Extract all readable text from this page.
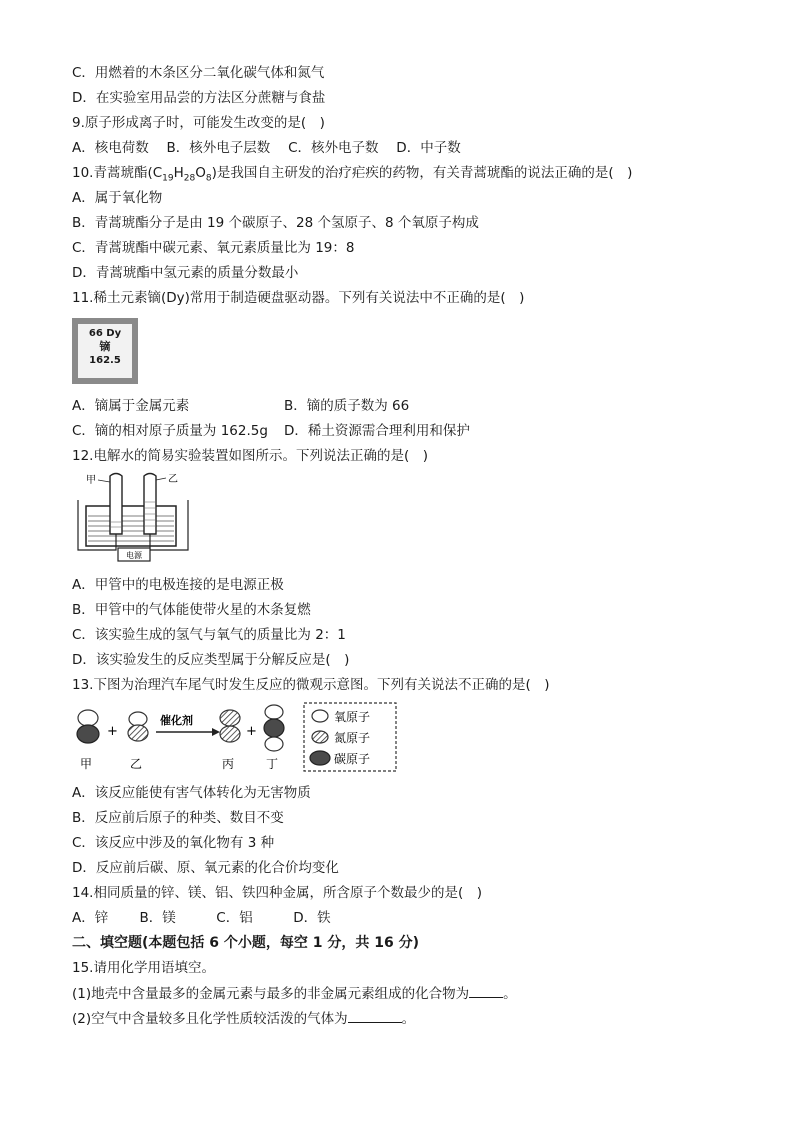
C．用燃着的木条区分二氧化碳气体和氮气
D．在实验室用品尝的方法区分蔗糖与食盐
9.原子形成离子时，可能发生改变的是(　)
A．核电荷数　 B．核外电子层数　 C．核外电子数　 D．中子数
10.青蒿琥酯$(C_{19}H_{28}O_8)$是我国自主研发的治疗疟疾的药物，有关青蒿琥酯的说法正确的是(　)
A．属于氧化物
B．青蒿琥酯分子是由 19 个碳原子、28 个氢原子、8 个氧原子构成
C．青蒿琥酯中碳元素、氧元素质量比为 19：8
D．青蒿琥酯中氢元素的质量分数最小
11.稀土元素镝(Dy)常用于制造硬盘驱动器。下列有关说法中不正确的是(　)
66 Dy
镝
162.5
A．镝属于金属元素	B．镝的质子数为 66
C．镝的相对原子质量为 162.5g D．稀土资源需合理利用和保护
12.电解水的简易实验装置如图所示。下列说法正确的是(　)
电源
甲	乙
A．甲管中的电极连接的是电源正极
B．甲管中的气体能使带火星的木条复燃
C．该实验生成的氢气与氧气的质量比为 2：1
D．该实验发生的反应类型属于分解反应是(　)
13.下图为治理汽车尾气时发生反应的微观示意图。下列有关说法不正确的是(　)
+
催化剂
+
甲	乙	丙	丁
氧原子
氮原子
碳原子
A．该反应能使有害气体转化为无害物质
B．反应前后原子的种类、数目不变
C．该反应中涉及的氧化物有 3 种
D．反应前后碳、原、氧元素的化合价均变化
14.相同质量的锌、镁、铝、铁四种金属，所含原子个数最少的是(　)
A．锌　　 B．镁　　　C．铝　　　D．铁
二、填空题(本题包括 6 个小题，每空 1 分，共 16 分)
15.请用化学用语填空。
(1)地壳中含量最多的金属元素与最多的非金属元素组成的化合物为	。
(2)空气中含量较多且化学性质较活泼的气体为	。
